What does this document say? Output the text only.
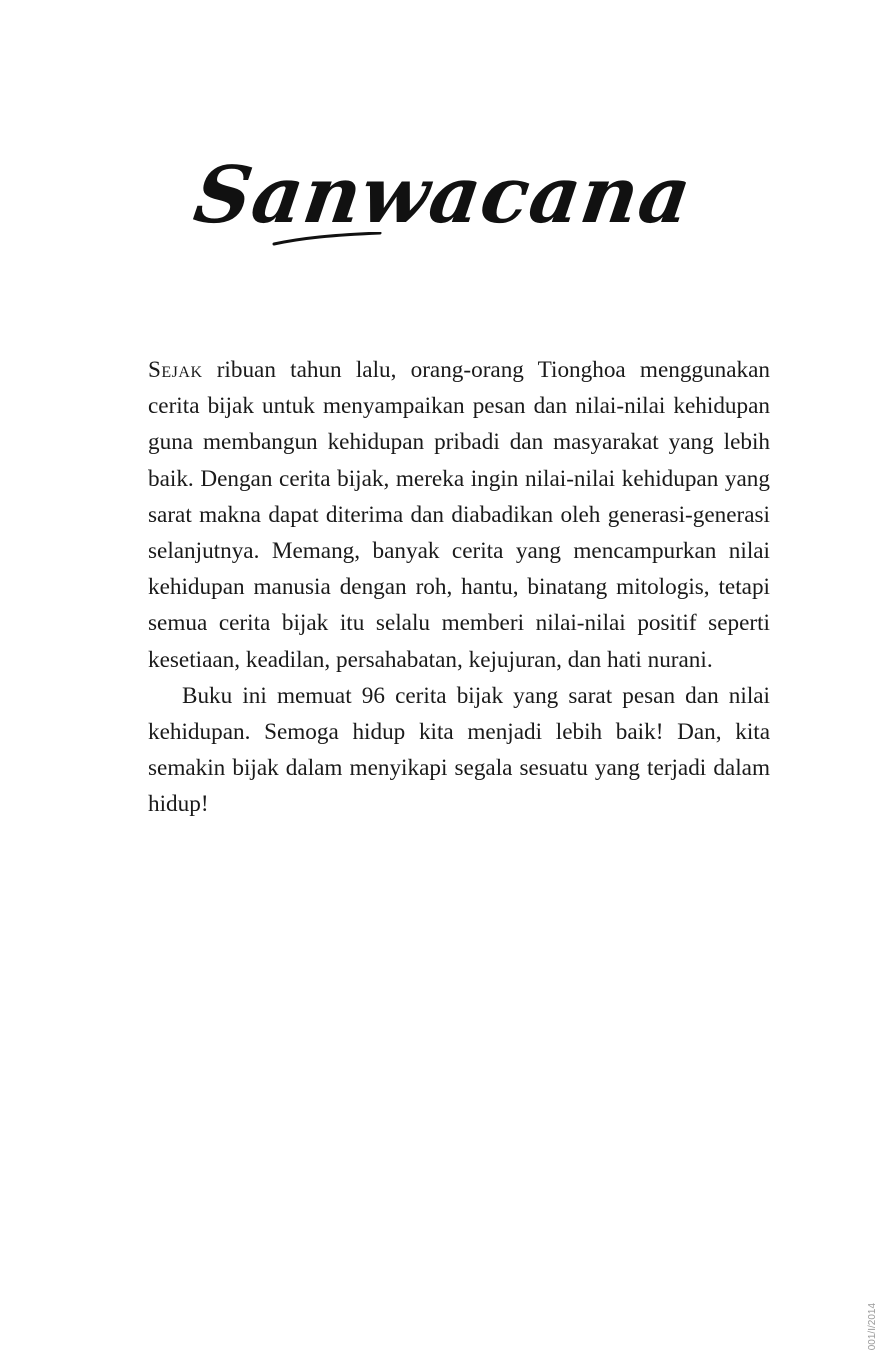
Sanwacana

Sejak ribuan tahun lalu, orang-orang Tionghoa menggunakan cerita bijak untuk menyampaikan pesan dan nilai-nilai kehidupan guna membangun kehidupan pribadi dan masyarakat yang lebih baik. Dengan cerita bijak, mereka ingin nilai-nilai kehidupan yang sarat makna dapat diterima dan diabadikan oleh generasi-generasi selanjutnya. Memang, banyak cerita yang mencampurkan nilai kehidupan manusia dengan roh, hantu, binatang mitologis, tetapi semua cerita bijak itu selalu memberi nilai-nilai positif seperti kesetiaan, keadilan, persahabatan, kejujuran, dan hati nurani.

Buku ini memuat 96 cerita bijak yang sarat pesan dan nilai kehidupan. Semoga hidup kita menjadi lebih baik! Dan, kita semakin bijak dalam menyikapi segala sesuatu yang terjadi dalam hidup!

001/I/2014
